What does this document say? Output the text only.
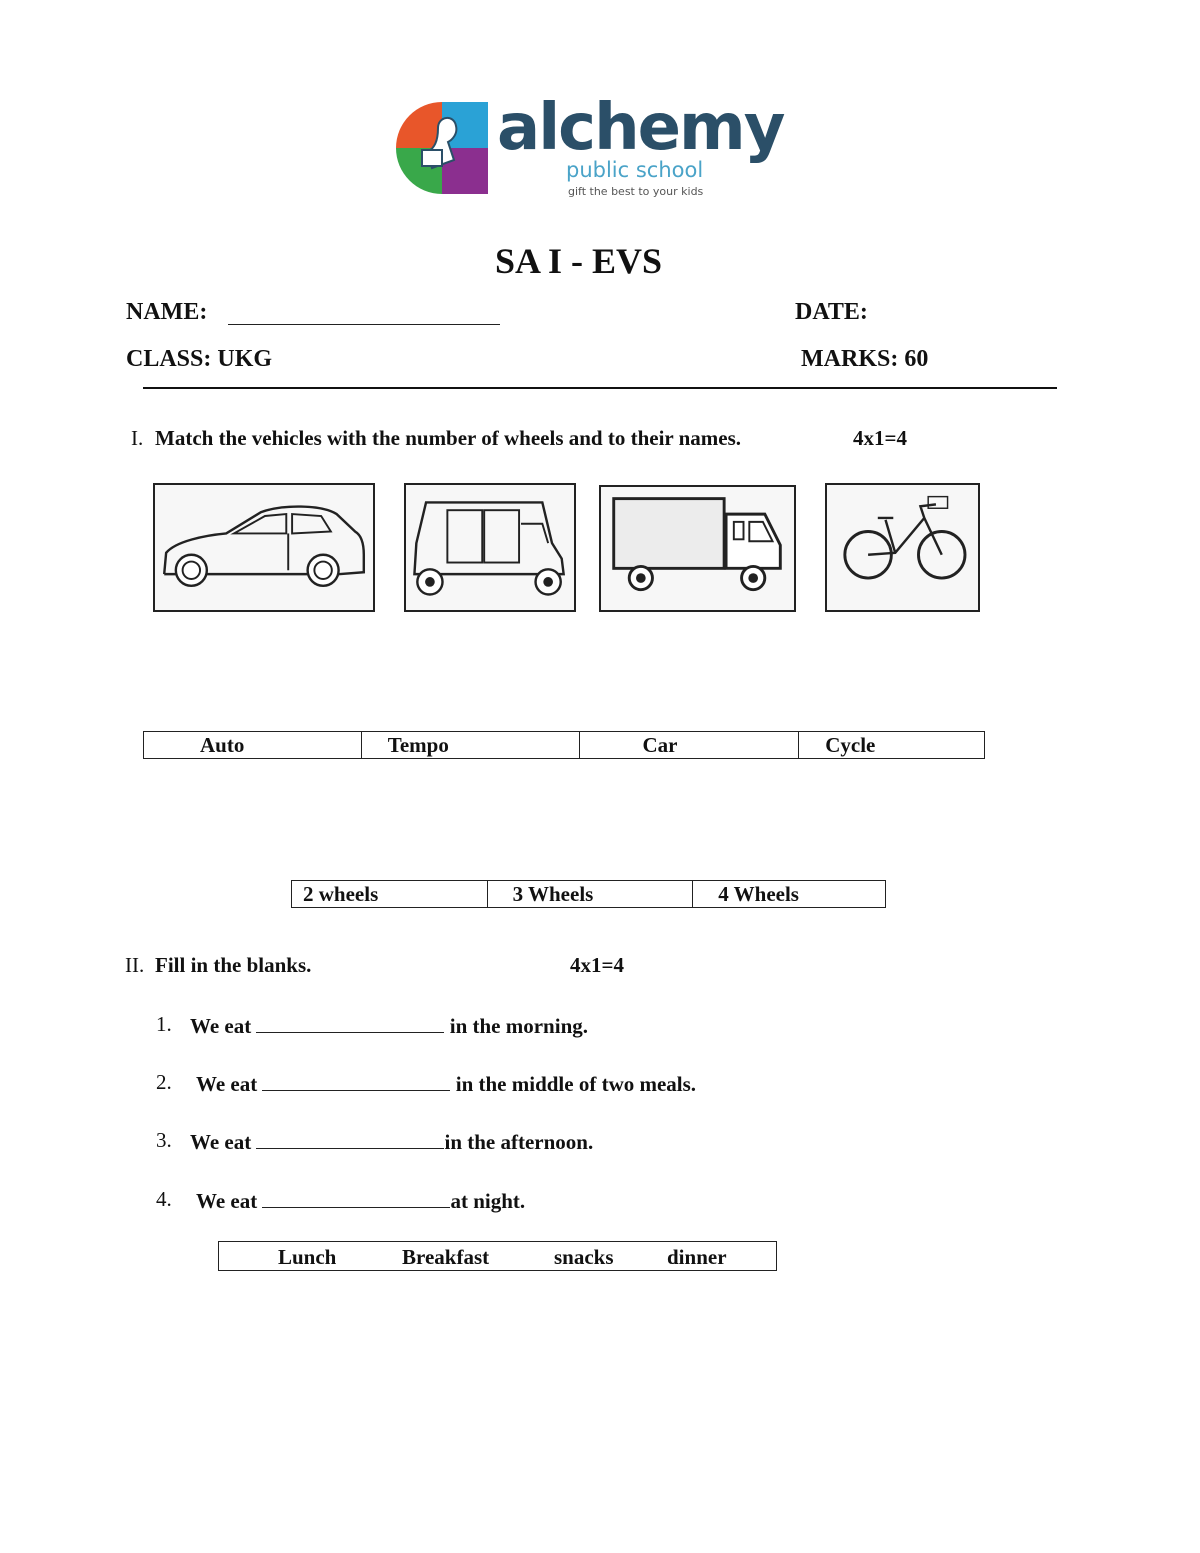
alchemy
public school
gift the best to your kids
SA I - EVS
NAME:	DATE:
CLASS: UKG	MARKS: 60
I. Match the vehicles with the number of wheels and to their names.	4x1=4
Auto	Tempo	Car	Cycle
2 wheels	3 Wheels	4 Wheels
II. Fill in the blanks.	4x1=4
1. We eat	in the morning.
2. We eat	in the middle of two meals.
3. We eat	in the afternoon.
4. We eat	at night.
Lunch	Breakfast	snacks	dinner
